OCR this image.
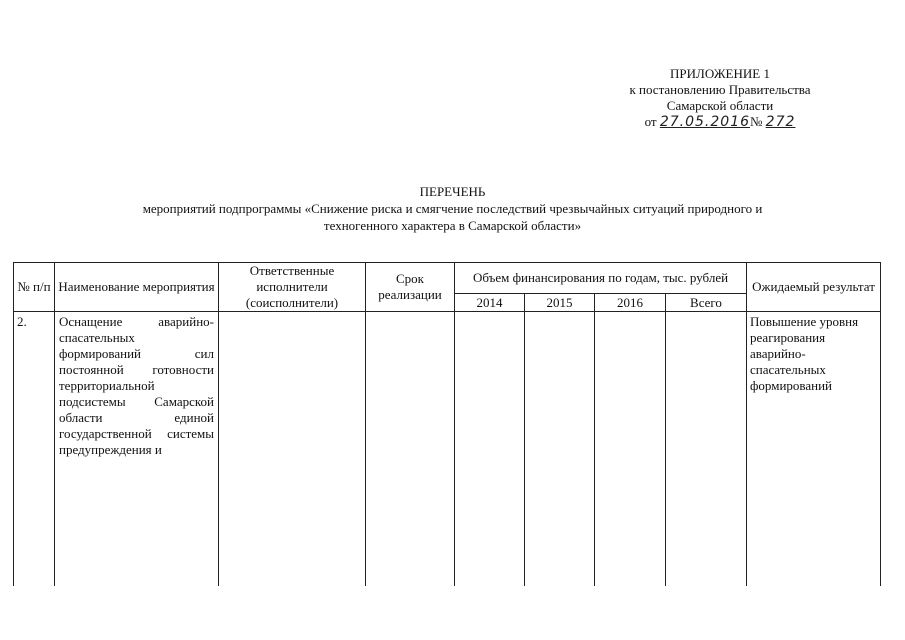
ПРИЛОЖЕНИЕ 1
к постановлению Правительства
Самарской области
от 27.05.2016№ 272
ПЕРЕЧЕНЬ
мероприятий подпрограммы «Снижение риска и смягчение последствий чрезвычайных ситуаций природного и
техногенного характера в Самарской области»
№ п/п	Наименование мероприятия	Ответственные исполнители (соисполнители)	Срок реализации	Объем финансирования по годам, тыс. рублей				Ожидаемый результат
				2014	2015	2016	Всего	
2.	Оснащение аварийно-спасательных формирований сил постоянной готовности территориальной подсистемы Самарской области единой государственной системы предупреждения и							Повышение уровня реагирования аварийно-спасательных формирований
